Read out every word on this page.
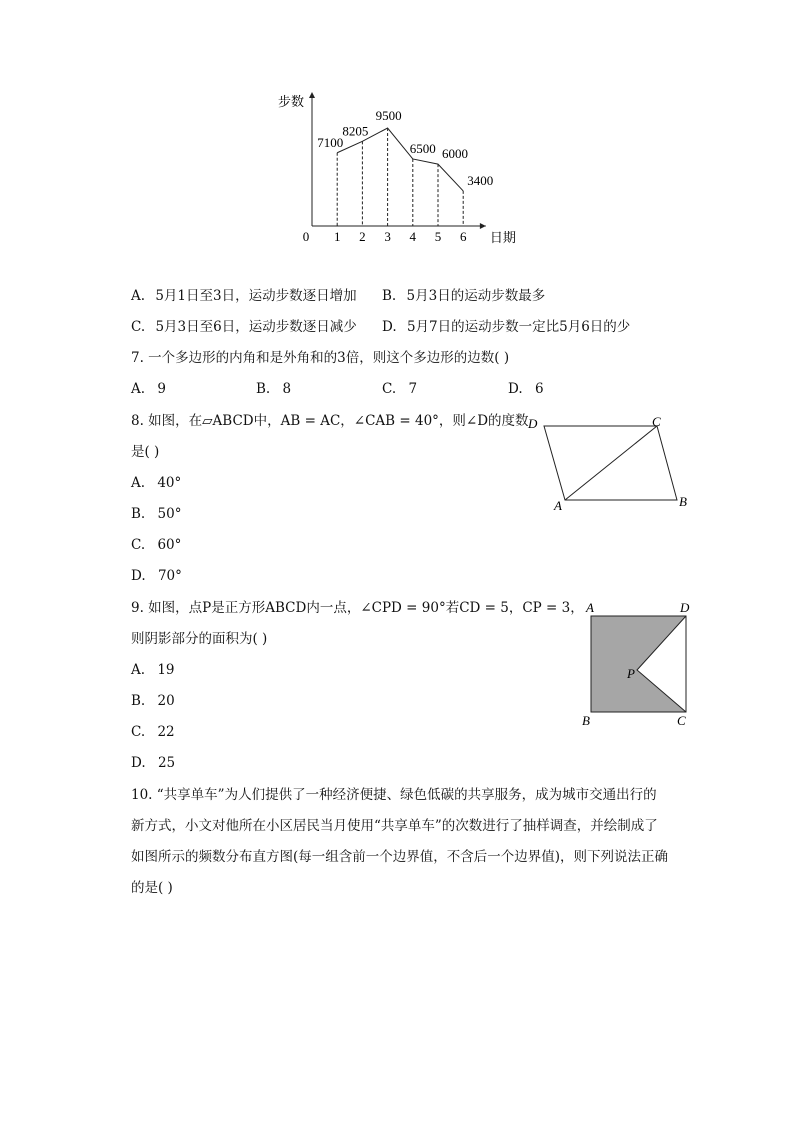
步数
日期
0 1 2 3 4 5 6
7100
8205
9500
6500 6000
3400
A. 5月1日至3日，运动步数逐日增加 B. 5月3日的运动步数最多
C. 5月3日至6日，运动步数逐日减少 D. 5月7日的运动步数一定比5月6日的少
7. 一个多边形的内角和是外角和的3倍，则这个多边形的边数( )
A. 9	B. 8	C. 7	D. 6
8. 如图，在▱ABCD中，AB = AC，∠CAB = 40°，则∠D的度数
是( )
A. 40°
B. 50°
C. 60°
D. 70°
D	C
A	B
9. 如图，点P是正方形ABCD内一点，∠CPD = 90°若CD = 5，CP = 3，
则阴影部分的面积为( )
A. 19
B. 20
C. 22
D. 25
A	D
B	C
P
10. “共享单车”为人们提供了一种经济便捷、绿色低碳的共享服务，成为城市交通出行的
新方式，小文对他所在小区居民当月使用“共享单车”的次数进行了抽样调查，并绘制成了
如图所示的频数分布直方图(每一组含前一个边界值，不含后一个边界值)，则下列说法正确
的是( )
